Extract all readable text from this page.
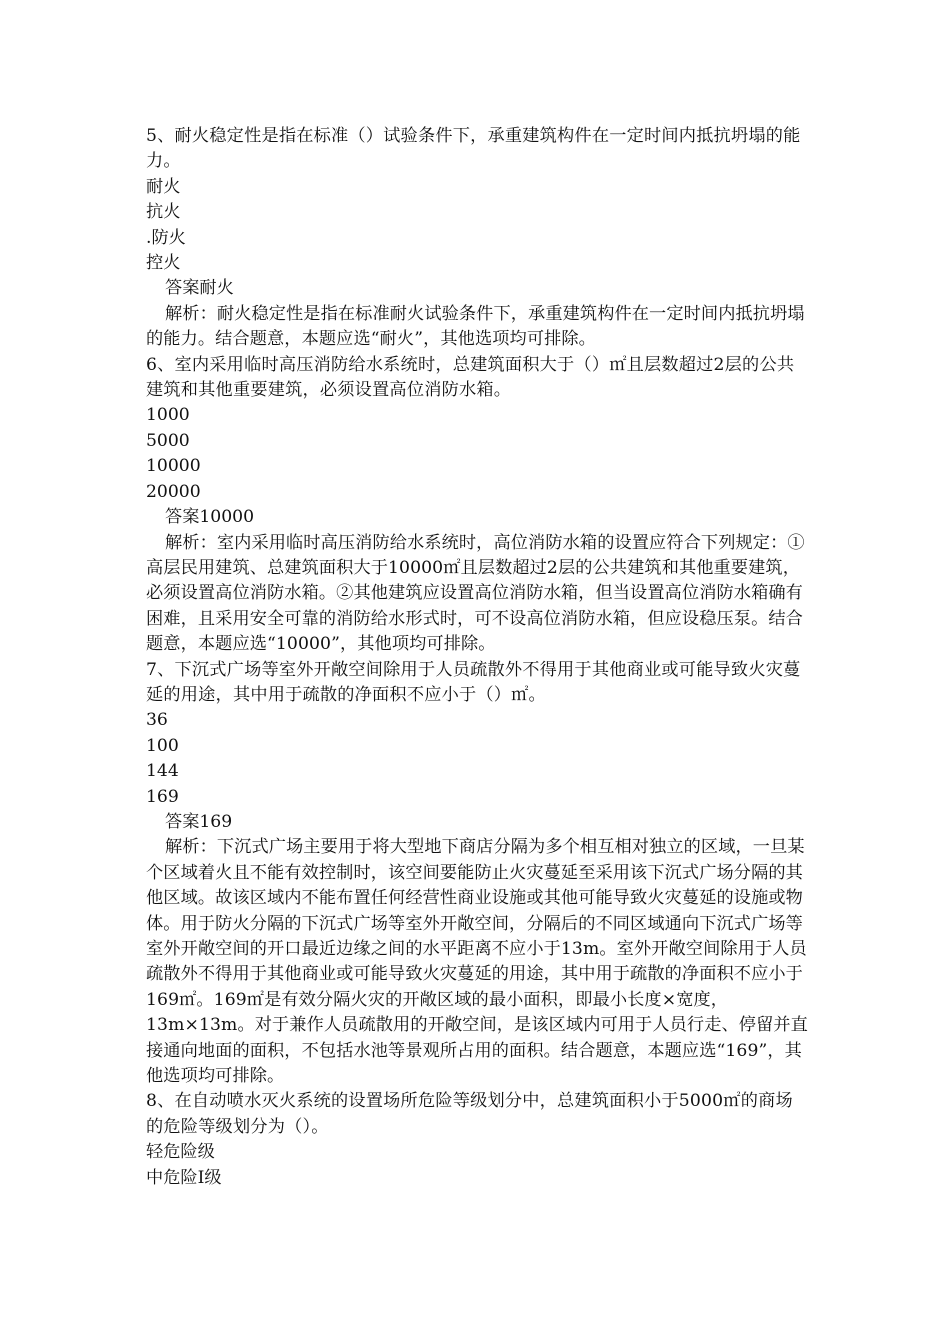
5、耐火稳定性是指在标准（）试验条件下，承重建筑构件在一定时间内抵抗坍塌的能力。

耐火

抗火

.防火

控火

答案耐火

解析：耐火稳定性是指在标准耐火试验条件下，承重建筑构件在一定时间内抵抗坍塌的能力。结合题意，本题应选“耐火”，其他选项均可排除。

6、室内采用临时高压消防给水系统时，总建筑面积大于（）㎡且层数超过2层的公共建筑和其他重要建筑，必须设置高位消防水箱。

1000

5000

10000

20000

答案10000

解析：室内采用临时高压消防给水系统时，高位消防水箱的设置应符合下列规定：①高层民用建筑、总建筑面积大于10000㎡且层数超过2层的公共建筑和其他重要建筑，必须设置高位消防水箱。②其他建筑应设置高位消防水箱，但当设置高位消防水箱确有困难，且采用安全可靠的消防给水形式时，可不设高位消防水箱，但应设稳压泵。结合题意，本题应选“10000”，其他项均可排除。

7、下沉式广场等室外开敞空间除用于人员疏散外不得用于其他商业或可能导致火灾蔓延的用途，其中用于疏散的净面积不应小于（）㎡。

36

100

144

169

答案169

解析：下沉式广场主要用于将大型地下商店分隔为多个相互相对独立的区域，一旦某个区域着火且不能有效控制时，该空间要能防止火灾蔓延至采用该下沉式广场分隔的其他区域。故该区域内不能布置任何经营性商业设施或其他可能导致火灾蔓延的设施或物体。用于防火分隔的下沉式广场等室外开敞空间，分隔后的不同区域通向下沉式广场等室外开敞空间的开口最近边缘之间的水平距离不应小于13m。室外开敞空间除用于人员疏散外不得用于其他商业或可能导致火灾蔓延的用途，其中用于疏散的净面积不应小于169㎡。169㎡是有效分隔火灾的开敞区域的最小面积，即最小长度×宽度，13m×13m。对于兼作人员疏散用的开敞空间，是该区域内可用于人员行走、停留并直接通向地面的面积，不包括水池等景观所占用的面积。结合题意，本题应选“169”，其他选项均可排除。

8、在自动喷水灭火系统的设置场所危险等级划分中，总建筑面积小于5000㎡的商场的危险等级划分为（）。

轻危险级

中危险Ⅰ级
